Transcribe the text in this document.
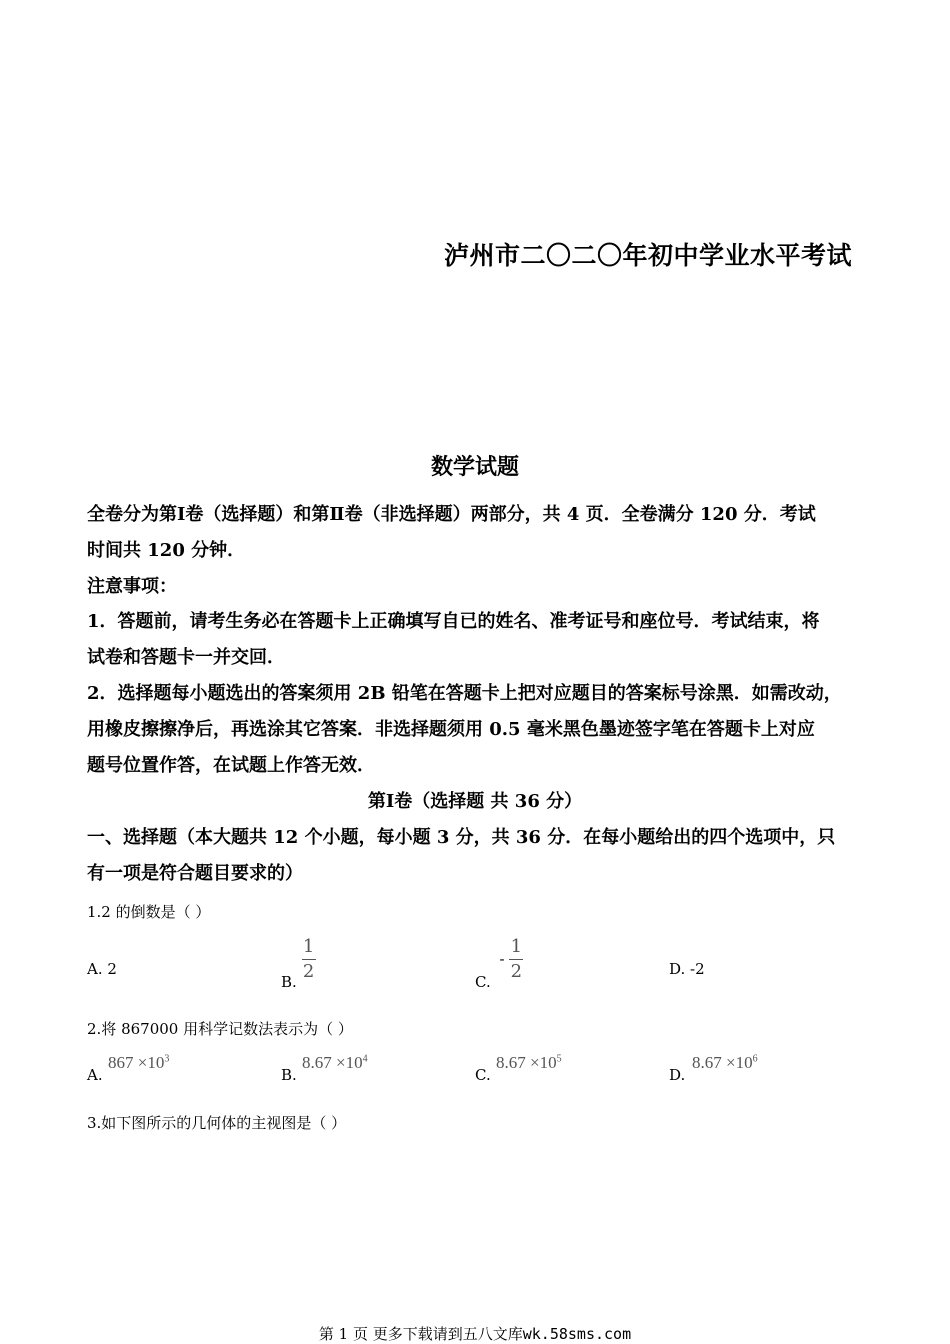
泸州市二〇二〇年初中学业水平考试
数学试题
全卷分为第Ⅰ卷（选择题）和第Ⅱ卷（非选择题）两部分，共 4 页．全卷满分 120 分．考试
时间共 120 分钟．
注意事项：
1．答题前，请考生务必在答题卡上正确填写自已的姓名、准考证号和座位号．考试结束，将
试卷和答题卡一并交回．
2．选择题每小题选出的答案须用 2B 铅笔在答题卡上把对应题目的答案标号涂黑．如需改动，
用橡皮擦擦净后，再选涂其它答案．非选择题须用 0.5 毫米黑色墨迹签字笔在答题卡上对应
题号位置作答，在试题上作答无效．
第Ⅰ卷（选择题 共 36 分）
一、选择题（本大题共 12 个小题，每小题 3 分，共 36 分．在每小题给出的四个选项中，只
有一项是符合题目要求的）
1.2 的倒数是（ ）
A. 2
B. $\frac{1}{2}$	C. - $\frac{1}{2}$	D. -2
2.将 867000 用科学记数法表示为（ ）
A.
$867 \times 10^3$
B.
$8.67 \times 10^4$
C.
$8.67 \times 10^5$
D.
$8.67 \times 10^6$
3.如下图所示的几何体的主视图是（ ）
第 1 页 更多下载请到五八文库wk.58sms.com
